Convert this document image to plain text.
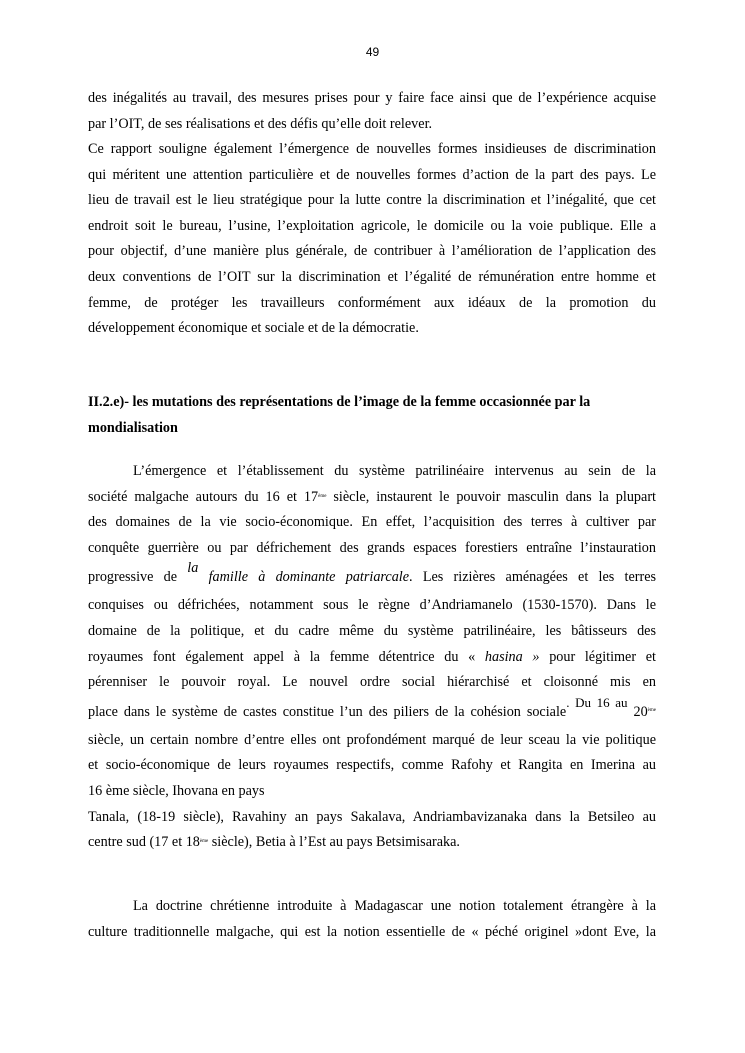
49

des inégalités au travail, des mesures prises pour y faire face ainsi que de l’expérience acquise
par l’OIT, de ses réalisations et des défis qu’elle doit relever.

Ce rapport souligne également l’émergence de nouvelles formes insidieuses de discrimination
qui méritent une attention particulière et de nouvelles formes d’action de la part des pays. Le
lieu de travail est le lieu stratégique pour la lutte contre la discrimination et l’inégalité, que cet
endroit soit le bureau, l’usine, l’exploitation agricole, le domicile ou la voie publique. Elle a
pour objectif, d’une manière plus générale, de contribuer à l’amélioration de l’application des
deux conventions de l’OIT sur la discrimination et l’égalité de rémunération entre homme et
femme, de protéger les travailleurs conformément aux idéaux de la promotion du
développement économique et sociale et de la démocratie.

II.2.e)- les mutations des représentations de l’image de la femme occasionnée par la
mondialisation

L’émergence et l’établissement du système patrilinéaire intervenus au sein de la
société malgache autours du 16 et 17ème siècle, instaurent le pouvoir masculin dans la plupart
des domaines de la vie socio-économique. En effet, l’acquisition des terres à cultiver par
conquête guerrière ou par défrichement des grands espaces forestiers entraîne l’instauration
progressive de la famille à dominante patriarcale. Les rizières aménagées et les terres
conquises ou défrichées, notamment sous le règne d’Andriamanelo (1530-1570). Dans le
domaine de la politique, et du cadre même du système patrilinéaire, les bâtisseurs des
royaumes font également appel à la femme détentrice du « hasina » pour légitimer et
pérenniser le pouvoir royal. Le nouvel ordre social hiérarchisé et cloisonné mis en
place dans le système de castes constitue l’un des piliers de la cohésion sociale. Du 16 au 20ème
siècle, un certain nombre d’entre elles ont profondément marqué de leur sceau la vie politique
et socio-économique de leurs royaumes respectifs, comme Rafohy et Rangita en Imerina au
16 ème siècle, Ihovana en pays
Tanala, (18-19 siècle), Ravahiny an pays Sakalava, Andriambavizanaka dans la Betsileo au
centre sud (17 et 18ème siècle), Betia à l’Est au pays Betsimisaraka.

La doctrine chrétienne introduite à Madagascar une notion totalement étrangère à la
culture traditionnelle malgache, qui est la notion essentielle de « péché originel »dont Eve, la
